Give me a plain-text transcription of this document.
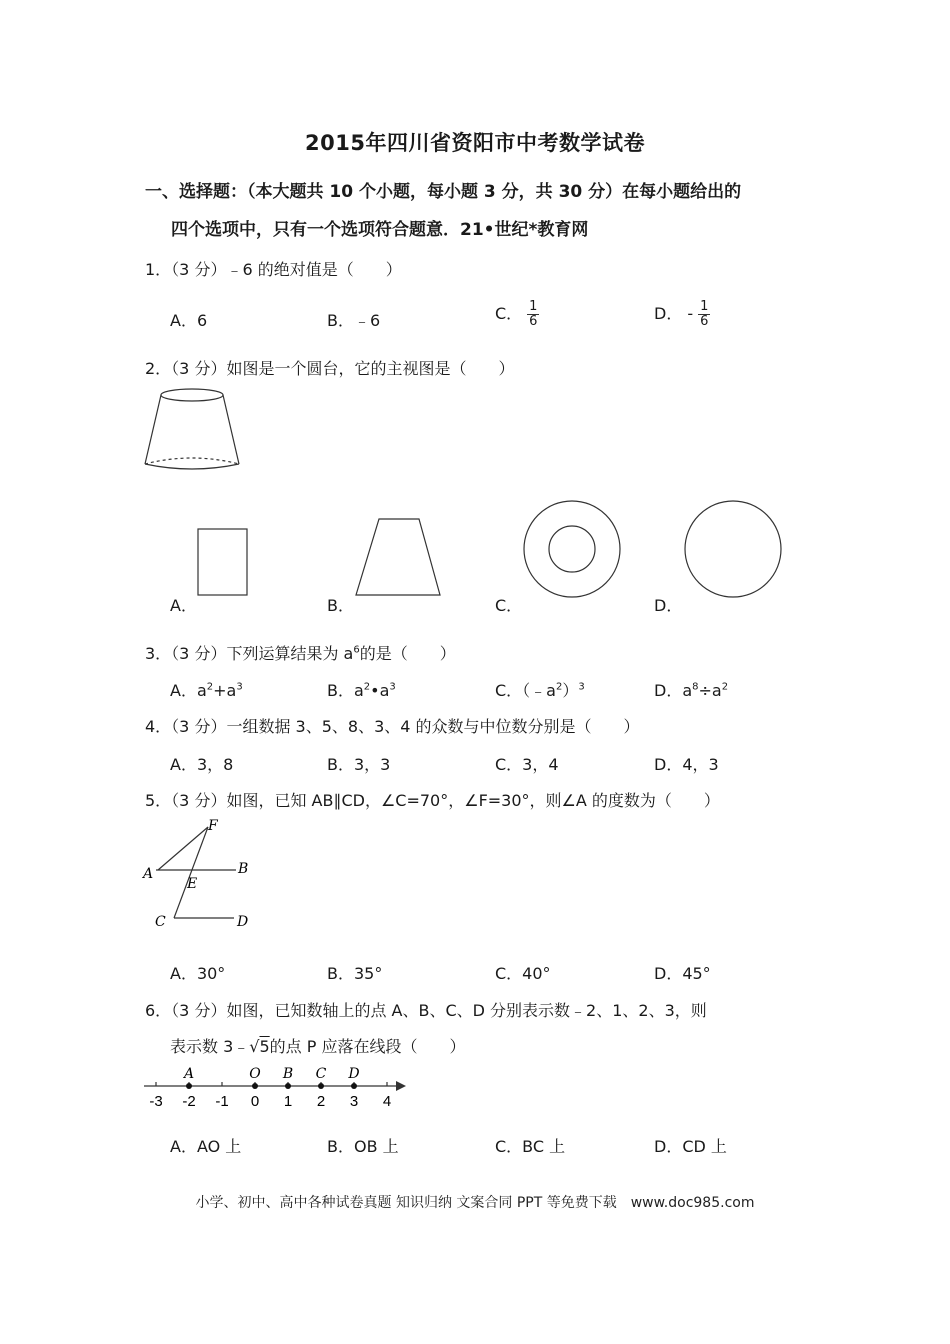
2015年四川省资阳市中考数学试卷
一、选择题：（本大题共 10 个小题，每小题 3 分，共 30 分）在每小题给出的
四个选项中，只有一个选项符合题意．21•世纪*教育网
1．（3 分）﹣6 的绝对值是（　　）
A．6	B．﹣6	C． $\frac{1}{6}$	D． - $\frac{1}{6}$
2．（3 分）如图是一个圆台，它的主视图是（　　）
A．	B．	C．	D．
3．（3 分）下列运算结果为 $a^6$的是（　　）
A．$a^2+a^3$	B．$a^2•a^3$	C．$(﹣a^2)^3$	D．$a^8\div a^2$
4．（3 分）一组数据 3、5、8、3、4 的众数与中位数分别是（　　）
A．3，8	B．3，3	C．3，4	D．4，3
5．（3 分）如图，已知 AB∥CD，∠C=70°，∠F=30°，则∠A 的度数为（　　）
F
A
E
B
C	D
A．30°	B．35°	C．40°	D．45°
6．（3 分）如图，已知数轴上的点 A、B、C、D 分别表示数﹣2、1、2、3，则
表示数 3﹣√5的点 P 应落在线段（　　）
-3 -2 -1 0 1 2 3 4
A	O B C D
A．AO 上	B．OB 上	C．BC 上	D．CD 上
小学、初中、高中各种试卷真题 知识归纳 文案合同 PPT 等免费下载　www.doc985.com
